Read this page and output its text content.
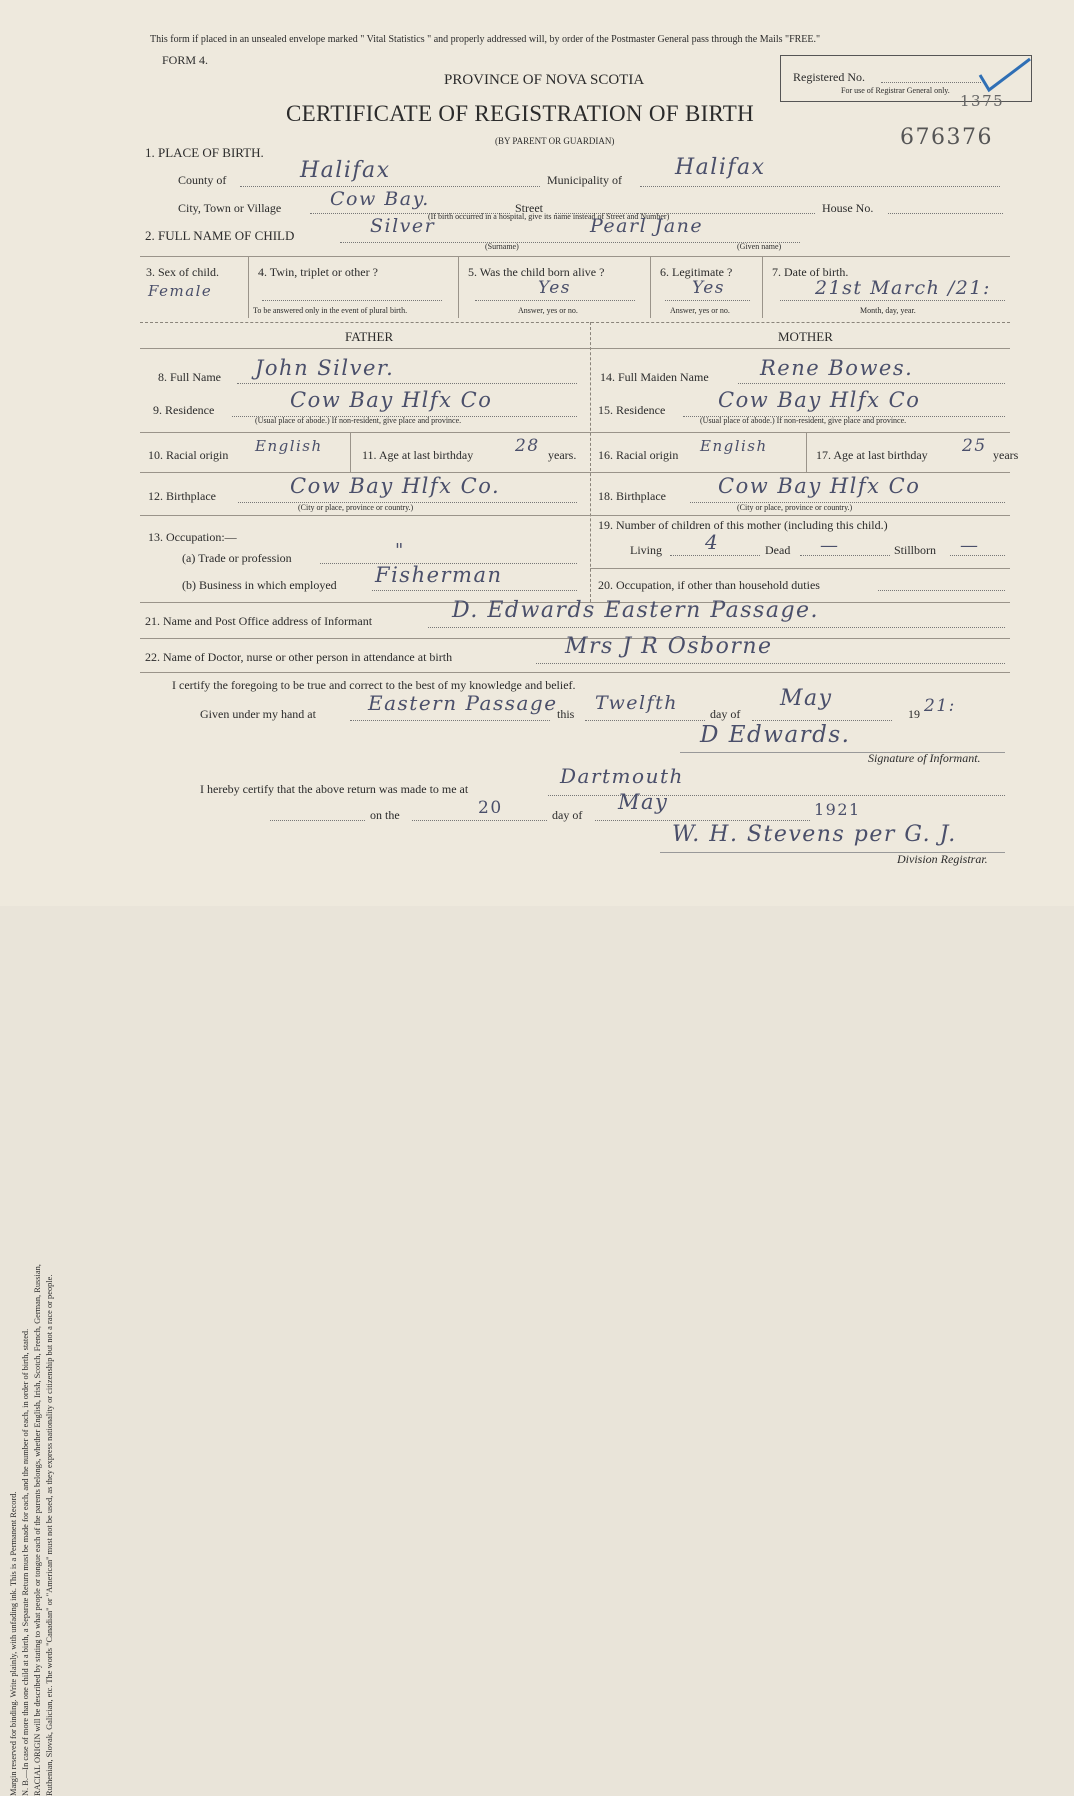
Margin reserved for binding. Write plainly, with unfading ink. This is a Permanent Record. N. B.—In case of more than one child at a birth, a Separate Return must be made for each, and the number of each, in order of birth, stated. RACIAL ORIGIN will be described by stating to what people or tongue each of the parents belongs, whether English, Irish, Scotch, French, German, Russian, Ruthenian, Slovak, Galician, etc. The words "Canadian" or "American" must not be used, as they express nationality or citizenship but not a race or people.
This form if placed in an unsealed envelope marked " Vital Statistics " and properly addressed will, by order of the Postmaster General pass through the Mails "FREE."
FORM 4.
PROVINCE OF NOVA SCOTIA
CERTIFICATE OF REGISTRATION OF BIRTH
(BY PARENT OR GUARDIAN)
Registered No.
For use of Registrar General only.
1375
676376
1. PLACE OF BIRTH.
County of	Halifax	Municipality of Halifax
City, Town or Village	Cow Bay.	Street
(If birth occurred in a hospital, give its name instead of Street and Number)
House No.
2. FULL NAME OF CHILD	Silver	Pearl Jane
(Surname)	(Given name)
3. Sex of child.
Female
4. Twin, triplet or other ?
To be answered only in the event of plural birth.
5. Was the child born alive ?
Yes
Answer, yes or no.
6. Legitimate ?
Yes
Answer, yes or no.
7. Date of birth.
21st March /21:
Month, day, year.
FATHER	MOTHER
8. Full Name John Silver.
9. Residence	Cow Bay Hlfx Co
(Usual place of abode.) If non-resident, give place and province.
10. Racial origin English	11. Age at last birthday 28 years.
12. Birthplace	Cow Bay Hlfx Co.
(City or place, province or country.)
13. Occupation:—
(a) Trade or profession	"
(b) Business in which employed Fisherman
14. Full Maiden Name Rene Bowes.
15. Residence	Cow Bay Hlfx Co
(Usual place of abode.) If non-resident, give place and province.
16. Racial origin English	17. Age at last birthday 25 years
18. Birthplace Cow Bay Hlfx Co
(City or place, province or country.)
19. Number of children of this mother (including this child.)
Living 4	Dead —	Stillborn —
20. Occupation, if other than household duties
21. Name and Post Office address of Informant	D. Edwards Eastern Passage.
22. Name of Doctor, nurse or other person in attendance at birth	Mrs J R Osborne
I certify the foregoing to be true and correct to the best of my knowledge and belief.
Given under my hand at	Eastern Passage this Twelfth	day of
May
19 21:
D Edwards.
Signature of Informant.
I hereby certify that the above return was made to me at
Dartmouth
on the	20	day of
May	1921
W. H. Stevens per G. J.
Division Registrar.
